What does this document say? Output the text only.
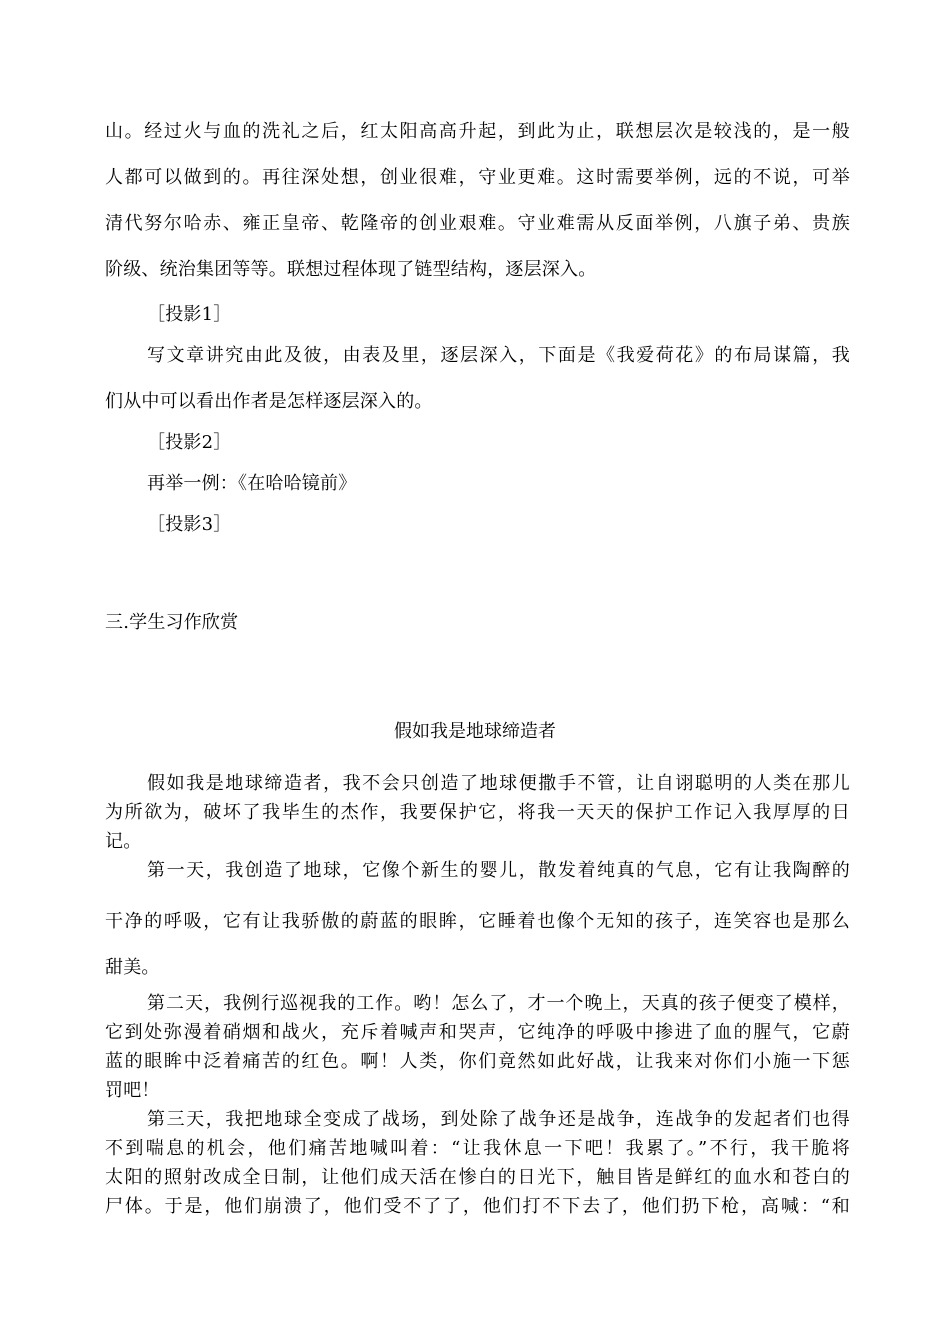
山。经过火与血的洗礼之后，红太阳高高升起，到此为止，联想层次是较浅的，是一般
人都可以做到的。再往深处想，创业很难，守业更难。这时需要举例，远的不说，可举
清代努尔哈赤、雍正皇帝、乾隆帝的创业艰难。守业难需从反面举例，八旗子弟、贵族
阶级、统治集团等等。联想过程体现了链型结构，逐层深入。
［投影1］
写文章讲究由此及彼，由表及里，逐层深入，下面是《我爱荷花》的布局谋篇，我
们从中可以看出作者是怎样逐层深入的。
［投影2］
再举一例：《在哈哈镜前》
［投影3］
三.学生习作欣赏
假如我是地球缔造者
假如我是地球缔造者，我不会只创造了地球便撒手不管，让自诩聪明的人类在那儿
为所欲为，破坏了我毕生的杰作，我要保护它，将我一天天的保护工作记入我厚厚的日
记。
第一天，我创造了地球，它像个新生的婴儿，散发着纯真的气息，它有让我陶醉的
干净的呼吸，它有让我骄傲的蔚蓝的眼眸，它睡着也像个无知的孩子，连笑容也是那么
甜美。
第二天，我例行巡视我的工作。哟！怎么了，才一个晚上，天真的孩子便变了模样，
它到处弥漫着硝烟和战火，充斥着喊声和哭声，它纯净的呼吸中掺进了血的腥气，它蔚
蓝的眼眸中泛着痛苦的红色。啊！人类，你们竟然如此好战，让我来对你们小施一下惩
罚吧！
第三天，我把地球全变成了战场，到处除了战争还是战争，连战争的发起者们也得
不到喘息的机会，他们痛苦地喊叫着：“让我休息一下吧！我累了。”不行，我干脆将
太阳的照射改成全日制，让他们成天活在惨白的日光下，触目皆是鲜红的血水和苍白的
尸体。于是，他们崩溃了，他们受不了了，他们打不下去了，他们扔下枪，高喊：“和
